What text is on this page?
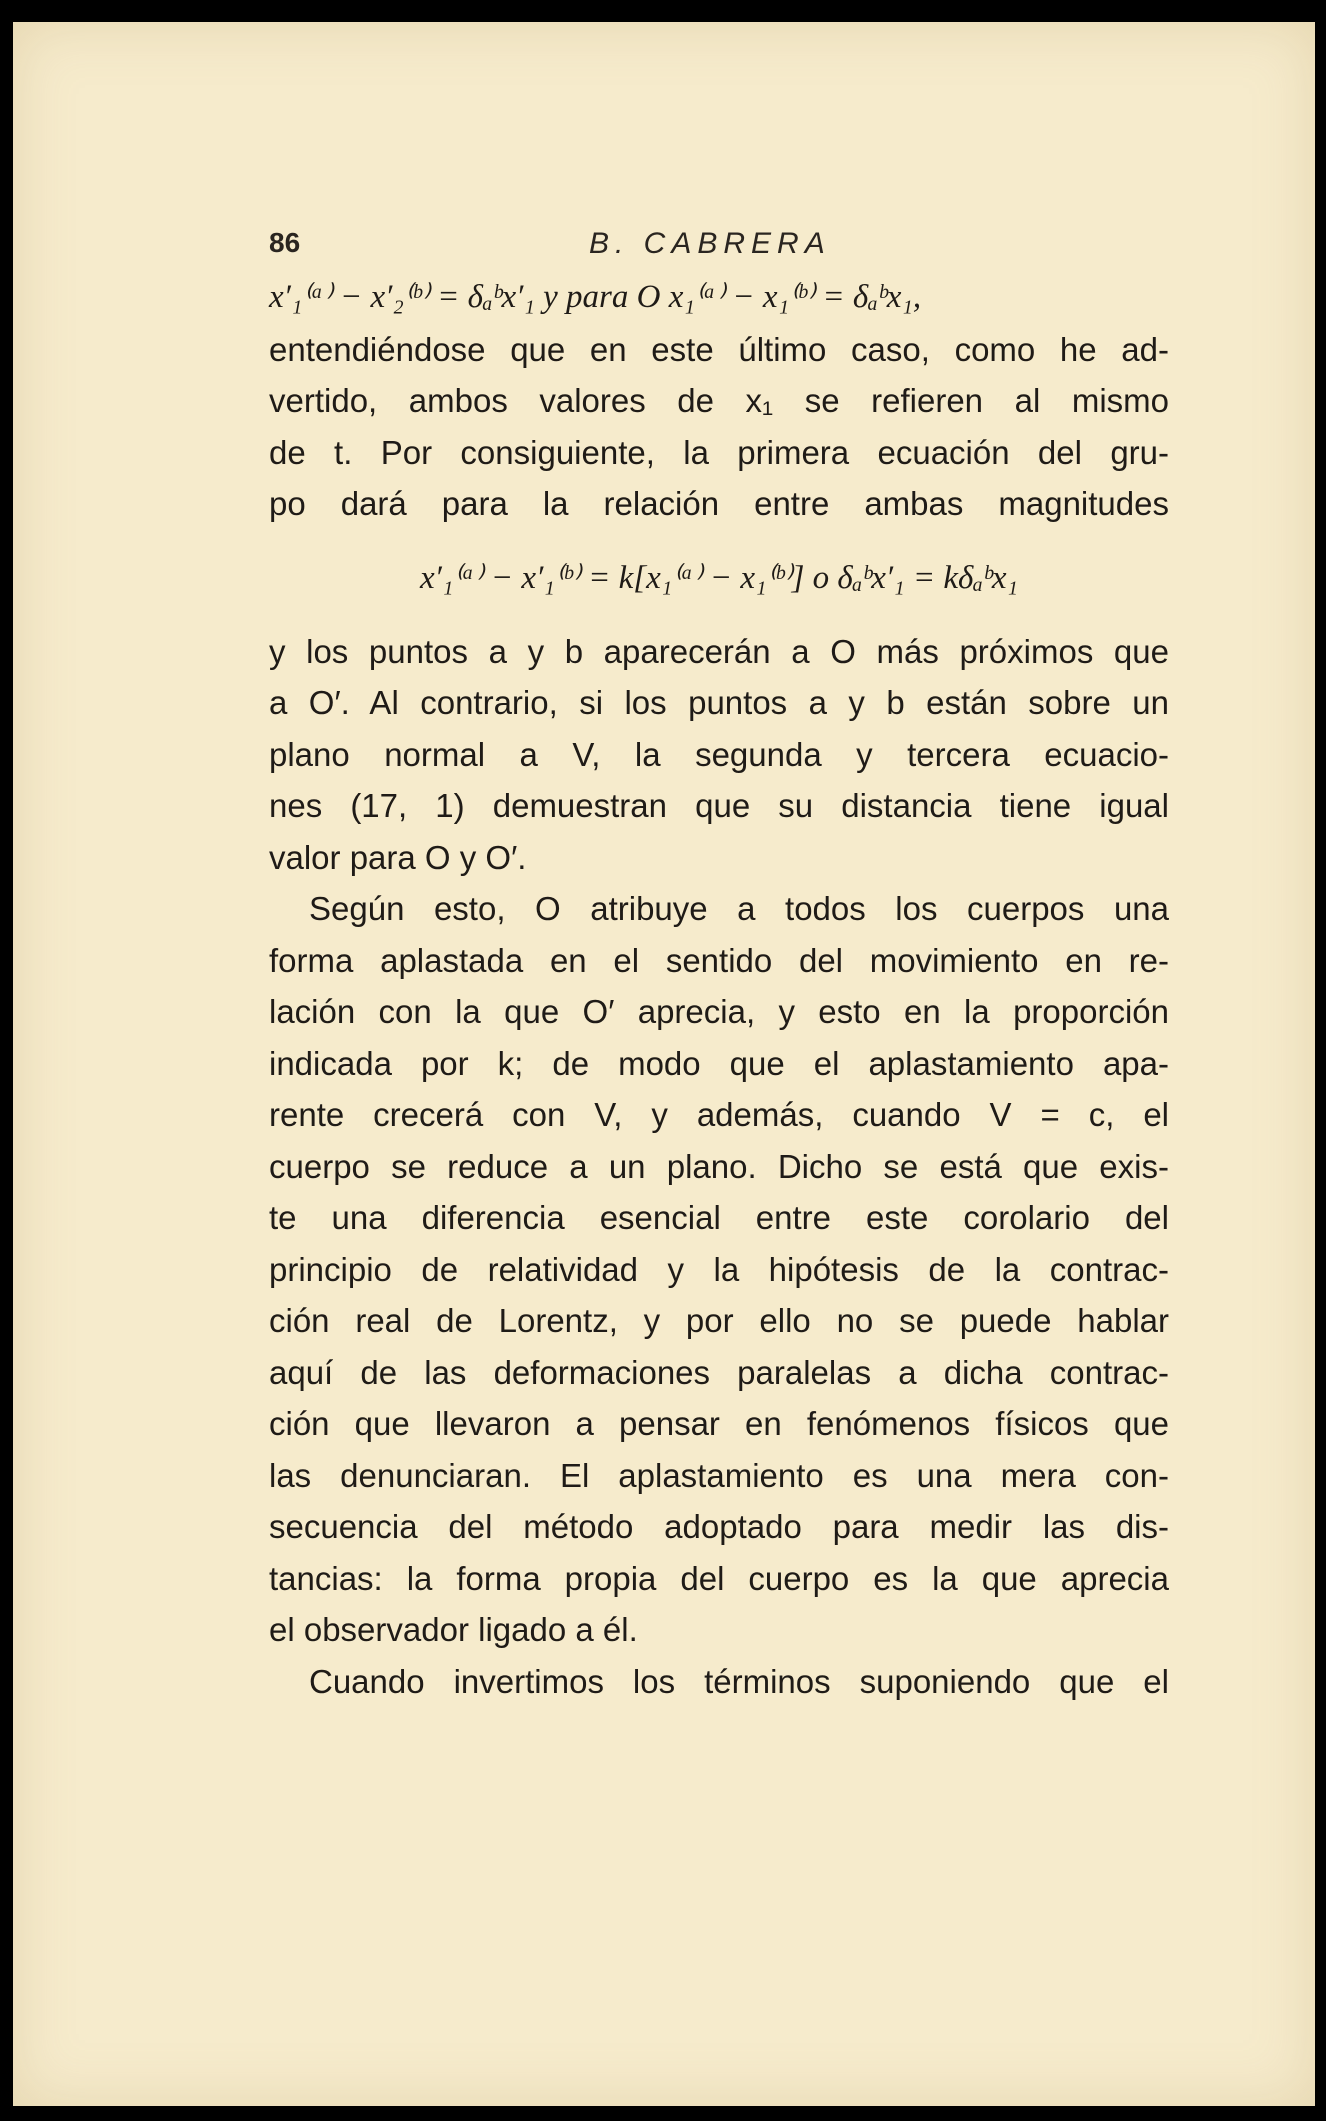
86	B. CABRERA
x′₁⁽ᵃ⁾ − x′₂⁽ᵇ⁾ = δₐᵇx′₁ y para O x₁⁽ᵃ⁾ − x₁⁽ᵇ⁾ = δₐᵇx₁,
entendiéndose que en este último caso, como he ad-
vertido, ambos valores de x₁ se refieren al mismo
de t. Por consiguiente, la primera ecuación del gru-
po dará para la relación entre ambas magnitudes
x′₁⁽ᵃ⁾ − x′₁⁽ᵇ⁾ = k[x₁⁽ᵃ⁾ − x₁⁽ᵇ⁾] o δₐᵇx′₁ = kδₐᵇx₁
y los puntos a y b aparecerán a O más próximos que
a O′. Al contrario, si los puntos a y b están sobre un
plano normal a V, la segunda y tercera ecuacio-
nes (17, 1) demuestran que su distancia tiene igual
valor para O y O′.
Según esto, O atribuye a todos los cuerpos una
forma aplastada en el sentido del movimiento en re-
lación con la que O′ aprecia, y esto en la proporción
indicada por k; de modo que el aplastamiento apa-
rente crecerá con V, y además, cuando V = c, el
cuerpo se reduce a un plano. Dicho se está que exis-
te una diferencia esencial entre este corolario del
principio de relatividad y la hipótesis de la contrac-
ción real de Lorentz, y por ello no se puede hablar
aquí de las deformaciones paralelas a dicha contrac-
ción que llevaron a pensar en fenómenos físicos que
las denunciaran. El aplastamiento es una mera con-
secuencia del método adoptado para medir las dis-
tancias: la forma propia del cuerpo es la que aprecia
el observador ligado a él.
Cuando invertimos los términos suponiendo que el
